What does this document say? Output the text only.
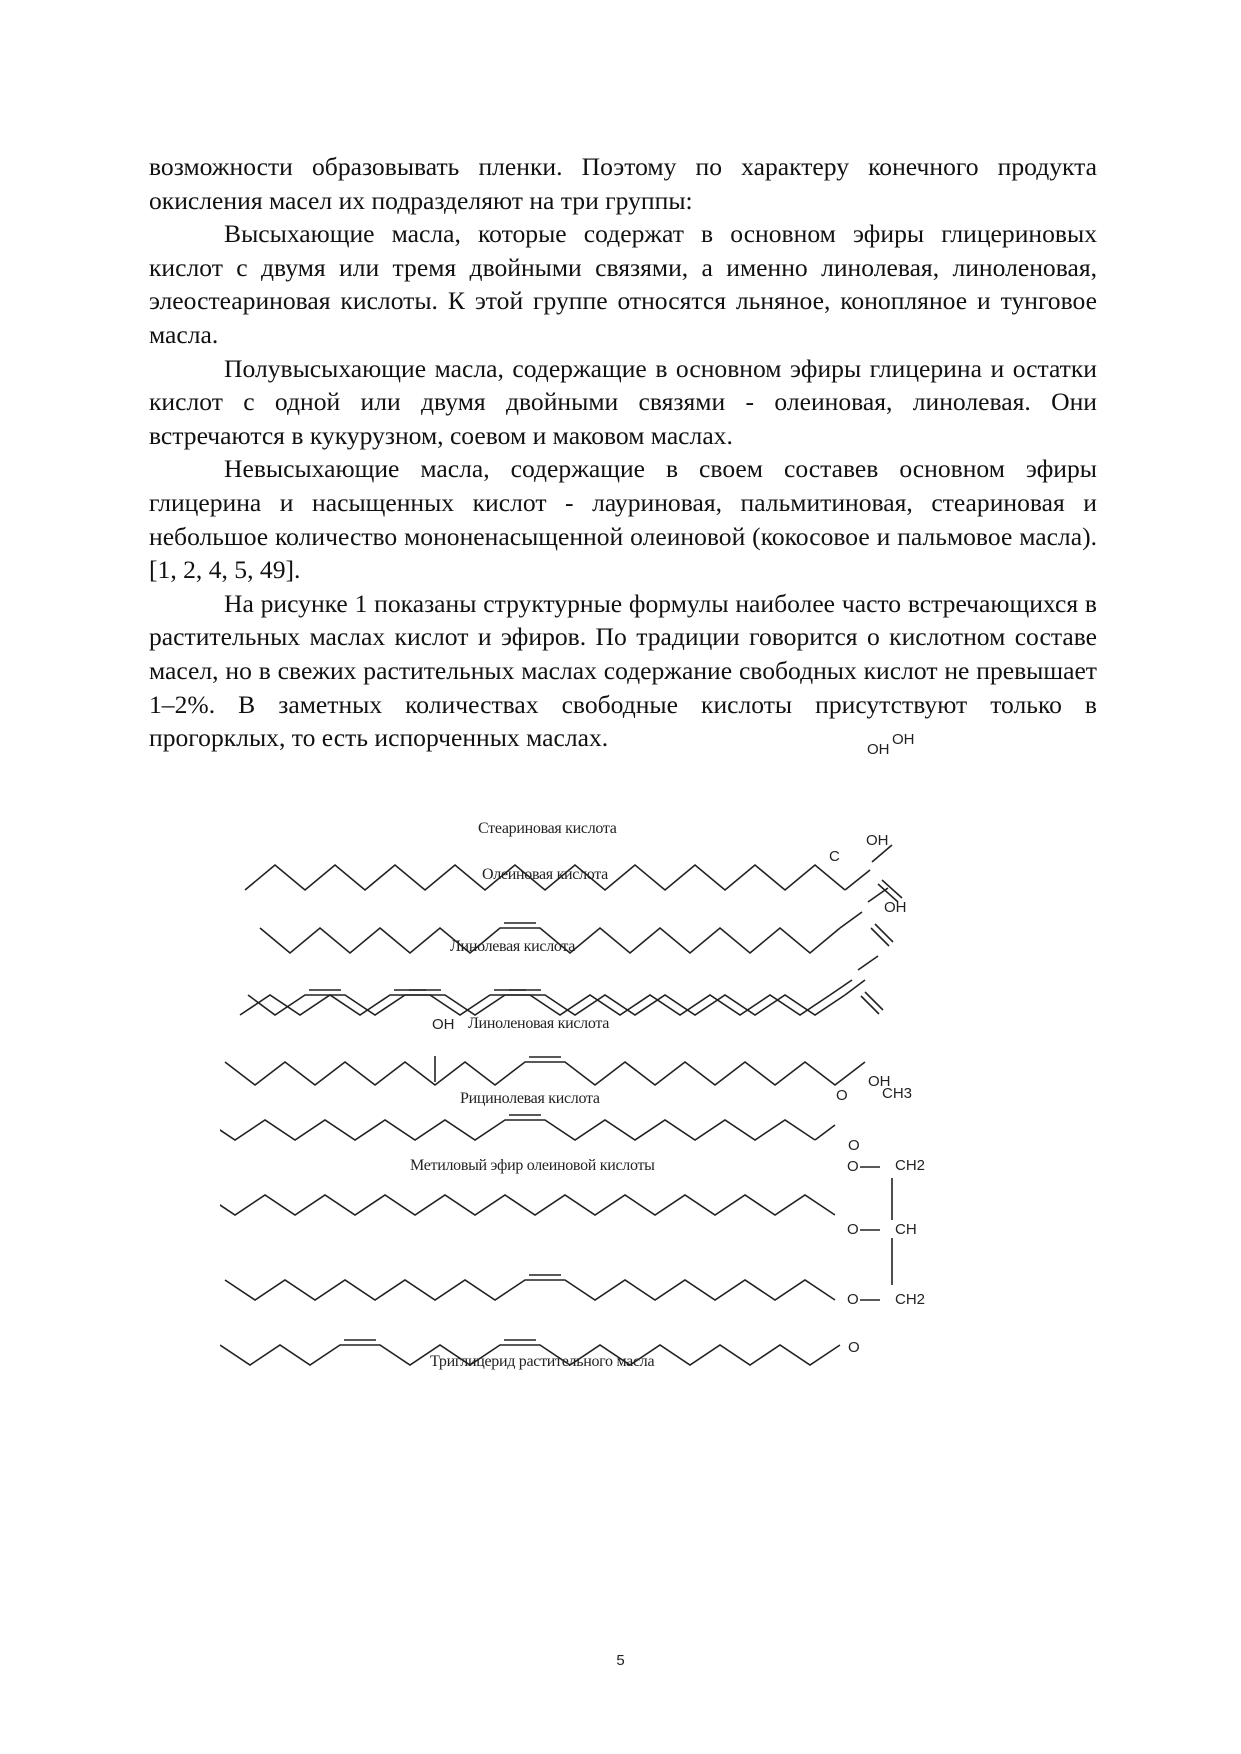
возможности образовывать пленки. Поэтому по характеру конечного продукта окисления масел их подразделяют на три группы:

Высыхающие масла, которые содержат в основном эфиры глицериновых кислот с двумя или тремя двойными связями, а именно линолевая, линоленовая, элеостеариновая кислоты. К этой группе относятся льняное, конопляное и тунговое масла.

Полувысыхающие масла, содержащие в основном эфиры глицерина и остатки кислот с одной или двумя двойными связями - олеиновая, линолевая. Они встречаются в кукурузном, соевом и маковом маслах.

Невысыхающие масла, содержащие в своем составев основном эфиры глицерина и насыщенных кислот - лауриновая, пальмитиновая, стеариновая и небольшое количество мононенасыщенной олеиновой (кокосовое и пальмовое масла). [1, 2, 4, 5, 49].

На рисунке 1 показаны структурные формулы наиболее часто встречающихся в растительных маслах кислот и эфиров. По традиции говорится о кислотном составе масел, но в свежих растительных маслах содержание свободных кислот не превышает 1–2%. В заметных количествах свободные кислоты присутствуют только в прогорклых, то есть испорченных маслах.

Стеариновая кислота
Олеиновая кислота
Линолевая кислота
Линоленовая кислота
Рицинолевая кислота
Метиловый эфир олеиновой кислоты
Триглицерид растительного масла
OH
OH
OH
OH
OH
OH
CH3
CH2
CH
CH2
O
O
O
O
C
O
O
5
